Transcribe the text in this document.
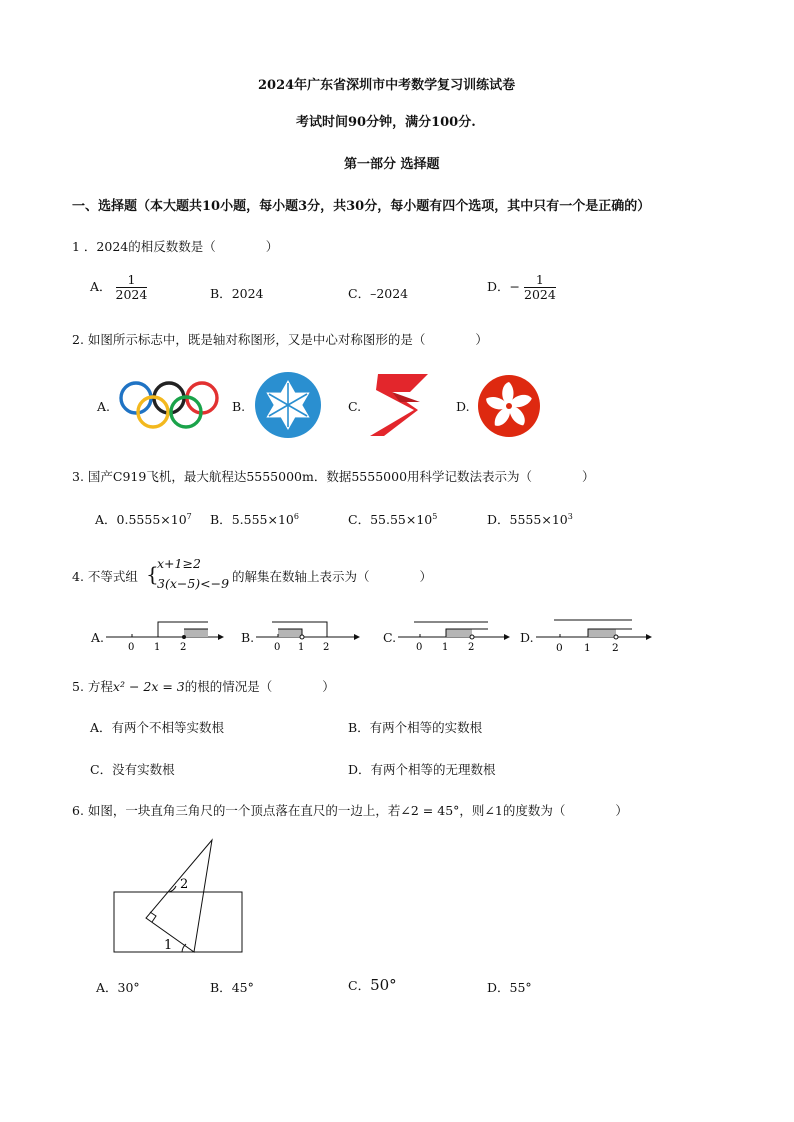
2024年广东省深圳市中考数学复习训练试卷
考试时间90分钟，满分100分.
第一部分 选择题
一、选择题（本大题共10小题，每小题3分，共30分，每小题有四个选项，其中只有一个是正确的）
1 ．2024的相反数数是（　　　　）
A． $\frac{1}{2024}$	B．2024	C．–2024	D．− $\frac{1}{2024}$
2. 如图所示标志中，既是轴对称图形，又是中心对称图形的是（　　　　）
A.	B.	C.	D.
3. 国产C919飞机，最大航程达5555000m．数据5555000用科学记数法表示为（　　　　）
A．$0.5555\times 10^7$ B．$5.555\times 10^6$	C．$55.55\times 10^5$	D．$5555\times 10^3$
4. 不等式组 {
x+1≥2
3(x−5)<−9 的解集在数轴上表示为（　　　　）
A.	B.	C.	D.
0 1 2	0 1 2	0 1 2	0 1 2
5. 方程x² − 2x = 3的根的情况是（　　　　）
A．有两个不相等实数根	B．有两个相等的实数根
C．没有实数根	D．有两个相等的无理数根
6. 如图，一块直角三角尺的一个顶点落在直尺的一边上，若∠2 = 45°，则∠1的度数为（　　　　）
2
1
A．30°	B．45°	C．50°	D．55°
